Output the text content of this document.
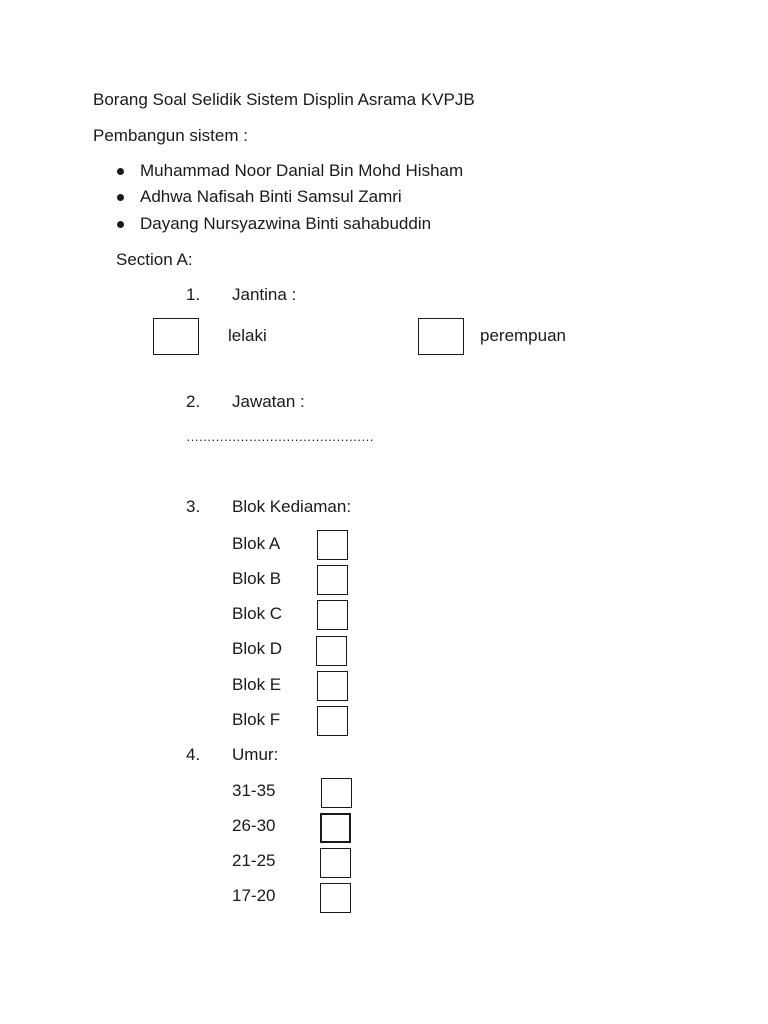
Borang Soal Selidik Sistem Displin Asrama KVPJB
Pembangun sistem :
Muhammad Noor Danial Bin Mohd Hisham
Adhwa Nafisah Binti Samsul Zamri
Dayang Nursyazwina Binti sahabuddin
Section A:
1. Jantina :
lelaki	perempuan
2. Jawatan :
………………………………………
3. Blok Kediaman:
Blok A
Blok B
Blok C
Blok D
Blok E
Blok F
4. Umur:
31-35
26-30
21-25
17-20
